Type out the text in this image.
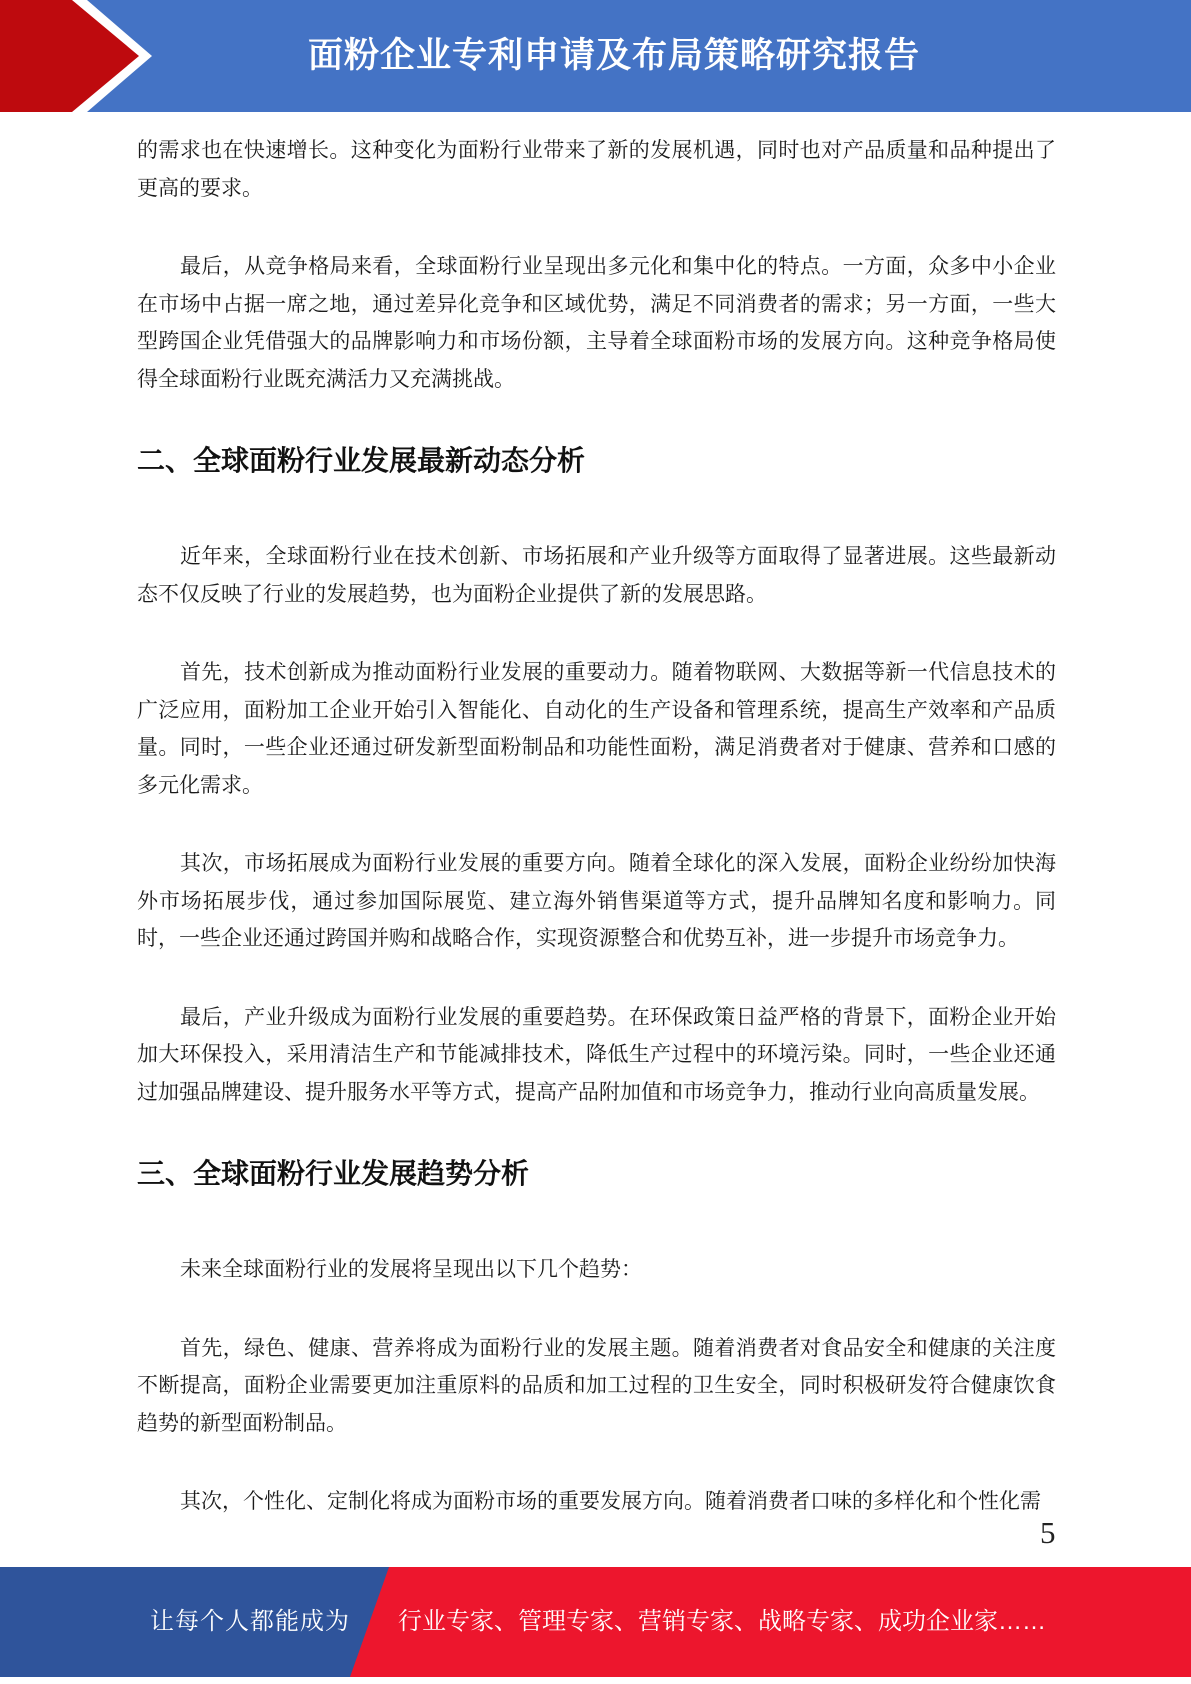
面粉企业专利申请及布局策略研究报告

的需求也在快速增长。这种变化为面粉行业带来了新的发展机遇，同时也对产品质量和品种提出了更高的要求。

最后，从竞争格局来看，全球面粉行业呈现出多元化和集中化的特点。一方面，众多中小企业在市场中占据一席之地，通过差异化竞争和区域优势，满足不同消费者的需求；另一方面，一些大型跨国企业凭借强大的品牌影响力和市场份额，主导着全球面粉市场的发展方向。这种竞争格局使得全球面粉行业既充满活力又充满挑战。

二、全球面粉行业发展最新动态分析

近年来，全球面粉行业在技术创新、市场拓展和产业升级等方面取得了显著进展。这些最新动态不仅反映了行业的发展趋势，也为面粉企业提供了新的发展思路。

首先，技术创新成为推动面粉行业发展的重要动力。随着物联网、大数据等新一代信息技术的广泛应用，面粉加工企业开始引入智能化、自动化的生产设备和管理系统，提高生产效率和产品质量。同时，一些企业还通过研发新型面粉制品和功能性面粉，满足消费者对于健康、营养和口感的多元化需求。

其次，市场拓展成为面粉行业发展的重要方向。随着全球化的深入发展，面粉企业纷纷加快海外市场拓展步伐，通过参加国际展览、建立海外销售渠道等方式，提升品牌知名度和影响力。同时，一些企业还通过跨国并购和战略合作，实现资源整合和优势互补，进一步提升市场竞争力。

最后，产业升级成为面粉行业发展的重要趋势。在环保政策日益严格的背景下，面粉企业开始加大环保投入，采用清洁生产和节能减排技术，降低生产过程中的环境污染。同时，一些企业还通过加强品牌建设、提升服务水平等方式，提高产品附加值和市场竞争力，推动行业向高质量发展。

三、全球面粉行业发展趋势分析

未来全球面粉行业的发展将呈现出以下几个趋势：

首先，绿色、健康、营养将成为面粉行业的发展主题。随着消费者对食品安全和健康的关注度不断提高，面粉企业需要更加注重原料的品质和加工过程的卫生安全，同时积极研发符合健康饮食趋势的新型面粉制品。

其次，个性化、定制化将成为面粉市场的重要发展方向。随着消费者口味的多样化和个性化需

5
让每个人都能成为 行业专家、管理专家、营销专家、战略专家、成功企业家……
